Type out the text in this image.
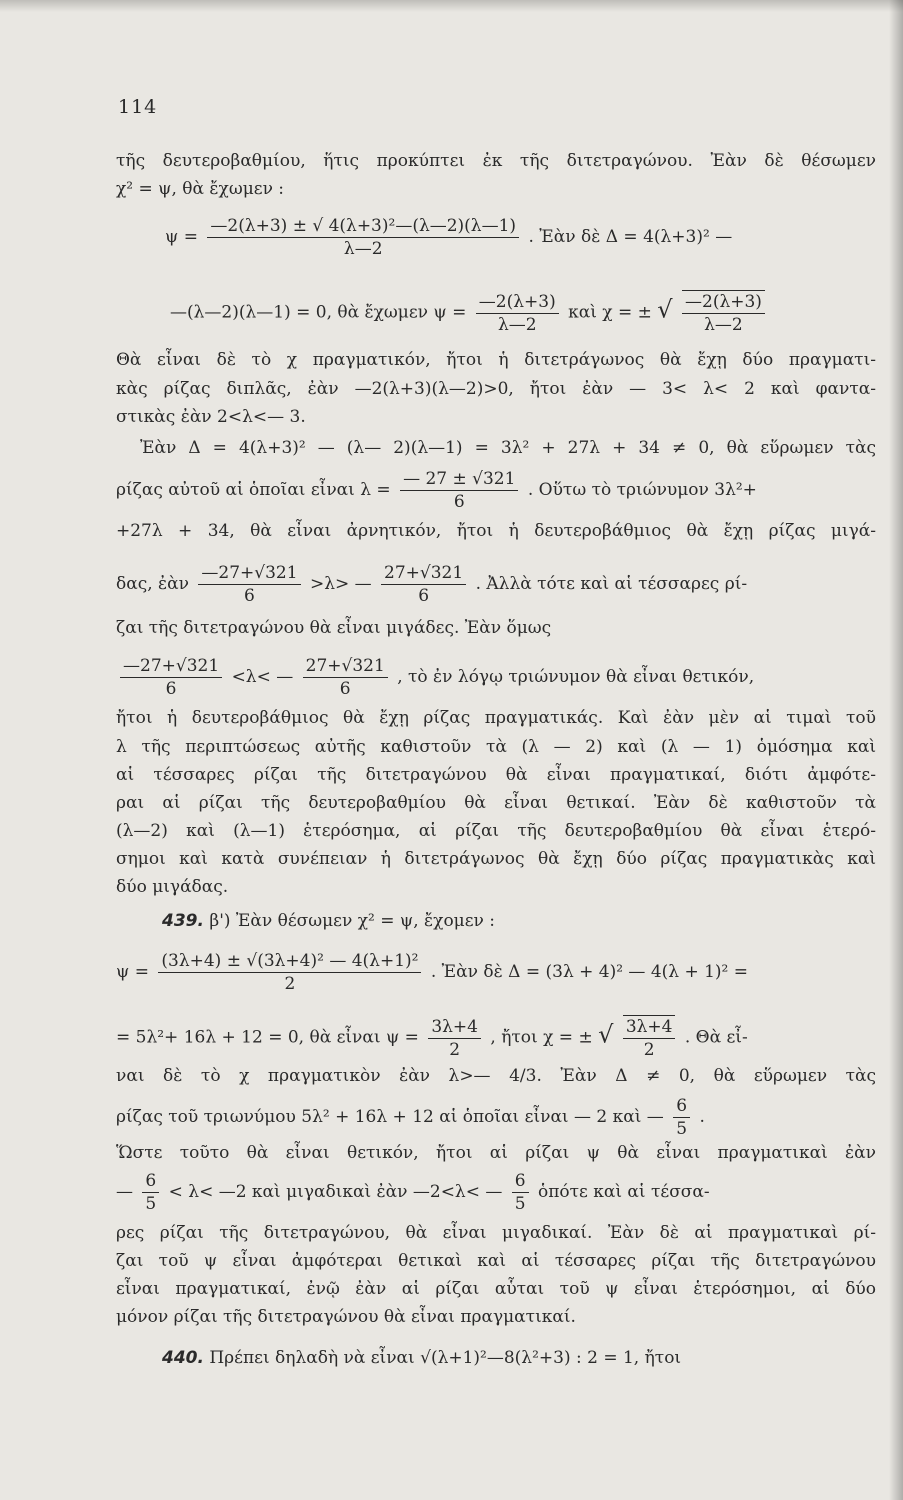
114
τῆς δευτεροβαθμίου, ἥτις προκύπτει ἐκ τῆς διτετραγώνου. Ἐὰν δὲ θέσωμεν
χ² = ψ, θὰ ἔχωμεν :
$\psi = \frac{\text{—2(λ+3) ± √ 4(λ+3)²—(λ—2)(λ—1)}}{\lambda—2}$ . Ἐὰν δὲ Δ = 4(λ+3)² —
—(λ—2)(λ—1) = 0, θὰ ἔχωμεν $\psi = \frac{—2(\lambda+3)}{\lambda—2}$ καὶ χ = ± √ $\frac{—2(\lambda+3)}{\lambda—2}$
Θὰ εἶναι δὲ τὸ χ πραγματικόν, ἤτοι ἡ διτετράγωνος θὰ ἔχῃ δύο πραγματι-
κὰς ρίζας διπλᾶς, ἐὰν —2(λ+3)(λ—2)>0, ἤτοι ἐὰν — 3< λ< 2 καὶ φαντα-
στικὰς ἐὰν 2<λ<— 3.
Ἐὰν Δ = 4(λ+3)² — (λ— 2)(λ—1) = 3λ² + 27λ + 34 ≠ 0, θὰ εὕρωμεν τὰς
ρίζας αὐτοῦ αἱ ὁποῖαι εἶναι $\lambda = \frac{— 27 \pm √321}{6}$ . Οὕτω τὸ τριώνυμον 3λ²+
+27λ + 34, θὰ εἶναι ἀρνητικόν, ἤτοι ἡ δευτεροβάθμιος θὰ ἔχῃ ρίζας μιγά-
δας, ἐὰν $\frac{—27+√321}{6} >\lambda>$ — $\frac{27+√321}{6}$ . Ἀλλὰ τότε καὶ αἱ τέσσαρες ρί-
ζαι τῆς διτετραγώνου θὰ εἶναι μιγάδες. Ἐὰν ὅμως
$\frac{—27+√321}{6} <\lambda<$ — $\frac{27+√321}{6}$ , τὸ ἐν λόγῳ τριώνυμον θὰ εἶναι θετικόν,
ἤτοι ἡ δευτεροβάθμιος θὰ ἔχῃ ρίζας πραγματικάς. Καὶ ἐὰν μὲν αἱ τιμαὶ τοῦ
λ τῆς περιπτώσεως αὐτῆς καθιστοῦν τὰ (λ — 2) καὶ (λ — 1) ὁμόσημα καὶ
αἱ τέσσαρες ρίζαι τῆς διτετραγώνου θὰ εἶναι πραγματικαί, διότι ἀμφότε-
ραι αἱ ρίζαι τῆς δευτεροβαθμίου θὰ εἶναι θετικαί. Ἐὰν δὲ καθιστοῦν τὰ
(λ—2) καὶ (λ—1) ἑτερόσημα, αἱ ρίζαι τῆς δευτεροβαθμίου θὰ εἶναι ἑτερό-
σημοι καὶ κατὰ συνέπειαν ἡ διτετράγωνος θὰ ἔχῃ δύο ρίζας πραγματικὰς καὶ
δύο μιγάδας.
439. β') Ἐὰν θέσωμεν χ² = ψ, ἔχομεν :
$\psi = \frac{\text{(3λ+4) ± √(3λ+4)² — 4(λ+1)²}}{2}$ . Ἐὰν δὲ Δ = (3λ + 4)² — 4(λ + 1)² =
= 5λ²+ 16λ + 12 = 0, θὰ εἶναι $\psi = \frac{3\lambda+4}{2}$ , ἤτοι χ = ± √ $\frac{3\lambda+4}{2}$ . Θὰ εἶ-
ναι δὲ τὸ χ πραγματικὸν ἐὰν λ>— 4/3. Ἐὰν Δ ≠ 0, θὰ εὕρωμεν τὰς
ρίζας τοῦ τριωνύμου 5λ² + 16λ + 12 αἱ ὁποῖαι εἶναι — 2 καὶ — $\frac{6}{5}$ .
Ὥστε τοῦτο θὰ εἶναι θετικόν, ἤτοι αἱ ρίζαι ψ θὰ εἶναι πραγματικαὶ ἐὰν
— $\frac{6}{5} < \lambda<$ —2 καὶ μιγαδικαὶ ἐὰν —2<λ< — $\frac{6}{5}$ ὁπότε καὶ αἱ τέσσα-
ρες ρίζαι τῆς διτετραγώνου, θὰ εἶναι μιγαδικαί. Ἐὰν δὲ αἱ πραγματικαὶ ρί-
ζαι τοῦ ψ εἶναι ἀμφότεραι θετικαὶ καὶ αἱ τέσσαρες ρίζαι τῆς διτετραγώνου
εἶναι πραγματικαί, ἐνῷ ἐὰν αἱ ρίζαι αὗται τοῦ ψ εἶναι ἑτερόσημοι, αἱ δύο
μόνον ρίζαι τῆς διτετραγώνου θὰ εἶναι πραγματικαί.
440. Πρέπει δηλαδὴ νὰ εἶναι √(λ+1)²—8(λ²+3) : 2 = 1, ἤτοι
